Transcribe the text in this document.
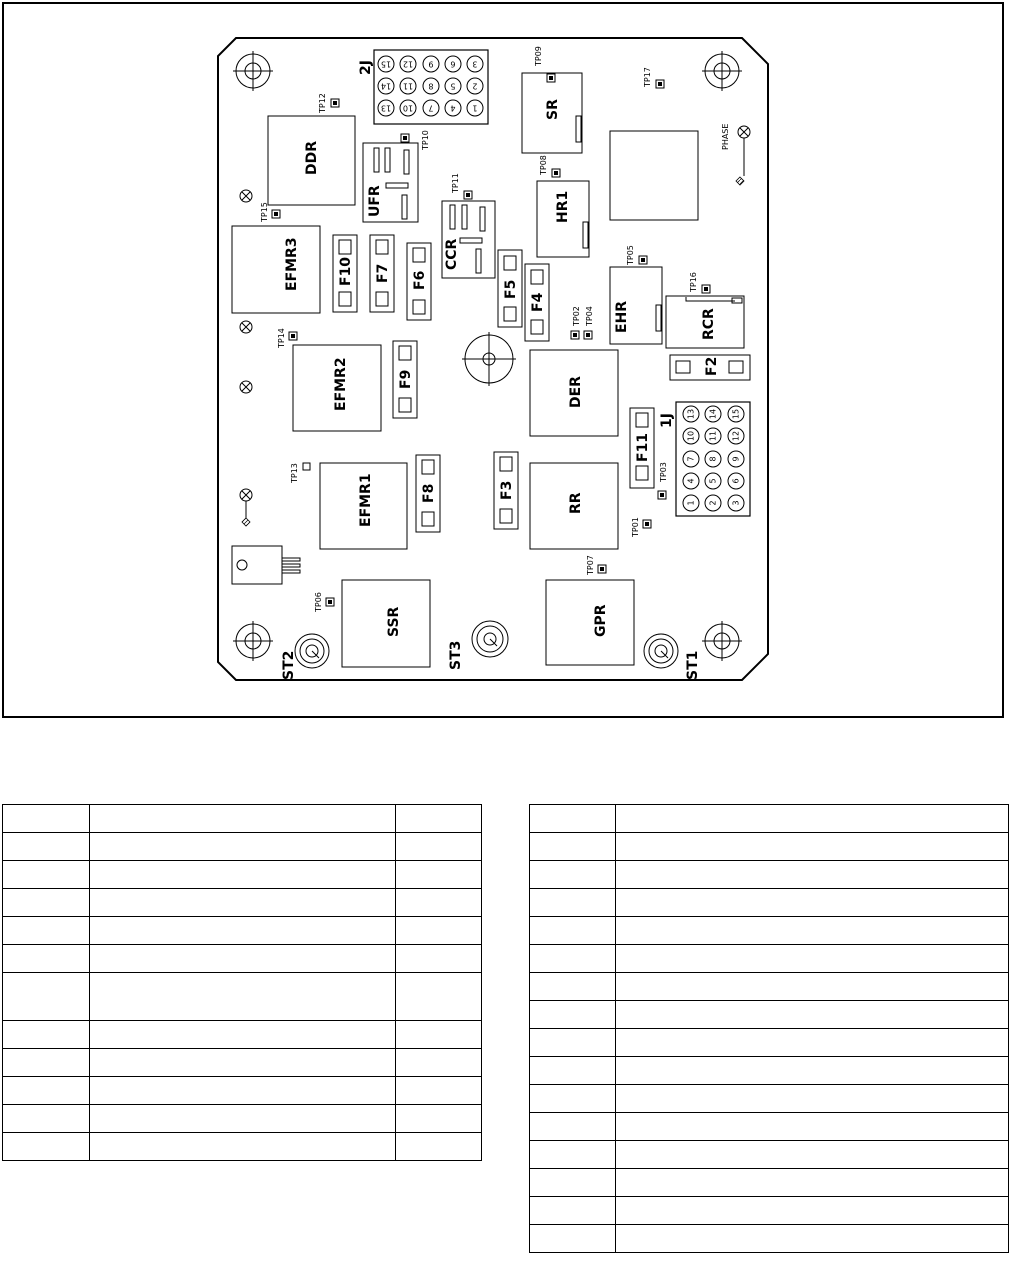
ST2	ST3	ST1
15 12 9 6 3
14 11 8 5 2
13 10 7 4 1
2J
13
10
7
4
1
14
11
8
5
2
15
12
9
6
3
1J
DDR
EFMR3
EFMR2
EFMR1
SSR	GPR
DER
RR
SR
HR1
EHR	RCR
UFR
CCR
F10 F7 F6	F5
F4
F9
F8	F3
F11
F2
PHASE
TP12
TP10
TP15
TP11
TP09
TP08
TP17
TP05
TP16
TP02 TP04
TP14
TP13	TP03
TP01
TP07
TP06
